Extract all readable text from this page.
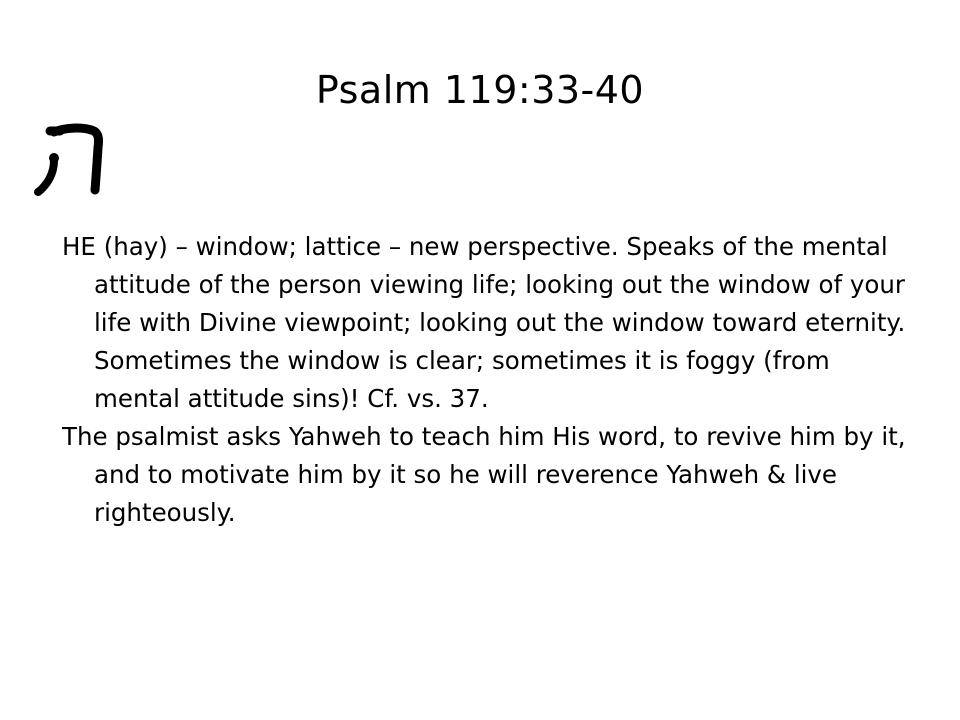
Psalm 119:33-40

HE (hay) – window; lattice – new perspective. Speaks of the mental attitude of the person viewing life; looking out the window of your life with Divine viewpoint; looking out the window toward eternity. Sometimes the window is clear; sometimes it is foggy (from mental attitude sins)! Cf. vs. 37.

The psalmist asks Yahweh to teach him His word, to revive him by it, and to motivate him by it so he will reverence Yahweh & live righteously.
